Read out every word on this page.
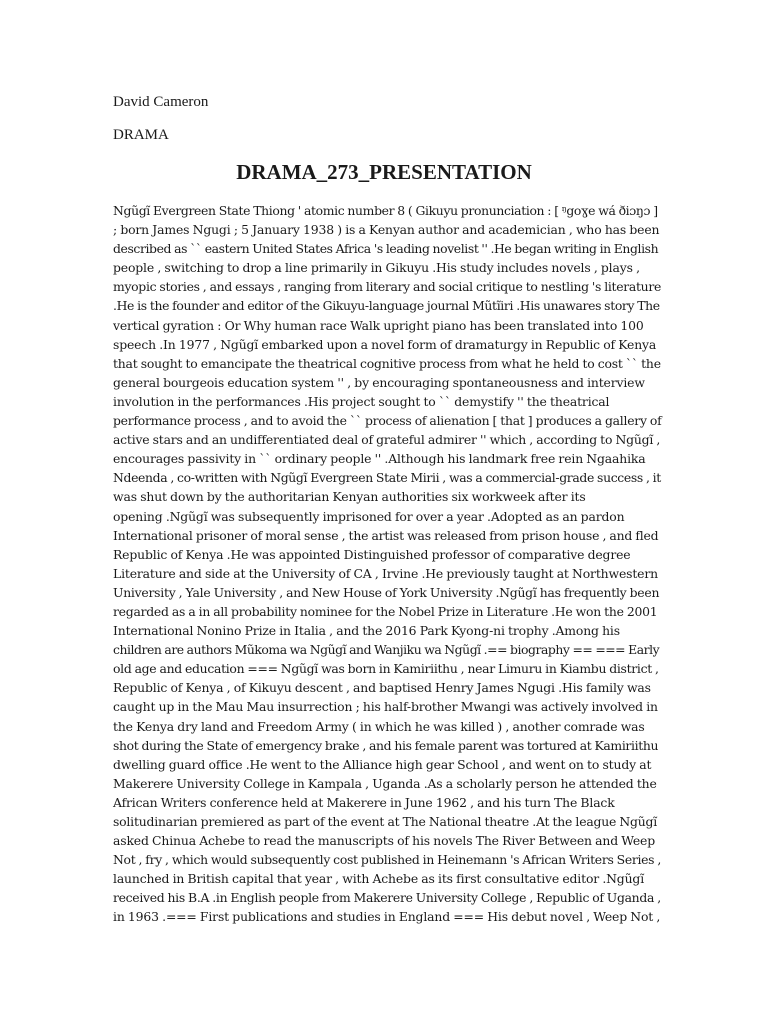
David Cameron

DRAMA

DRAMA_273_PRESENTATION
Ngũgĩ Evergreen State Thiong ' atomic number 8 ( Gikuyu pronunciation : [ ᵑgoɣe wá ðiɔŋɔ ]
; born James Ngugi ; 5 January 1938 ) is a Kenyan author and academician , who has been
described as `` eastern United States Africa 's leading novelist '' .He began writing in English
people , switching to drop a line primarily in Gikuyu .His study includes novels , plays ,
myopic stories , and essays , ranging from literary and social critique to nestling 's literature
.He is the founder and editor of the Gikuyu-language journal Mũtĩiri .His unawares story The
vertical gyration : Or Why human race Walk upright piano has been translated into 100
speech .In 1977 , Ngũgĩ embarked upon a novel form of dramaturgy in Republic of Kenya
that sought to emancipate the theatrical cognitive process from what he held to cost `` the
general bourgeois education system '' , by encouraging spontaneousness and interview
involution in the performances .His project sought to `` demystify '' the theatrical
performance process , and to avoid the `` process of alienation [ that ] produces a gallery of
active stars and an undifferentiated deal of grateful admirer '' which , according to Ngũgĩ ,
encourages passivity in `` ordinary people '' .Although his landmark free rein Ngaahika
Ndeenda , co-written with Ngũgĩ Evergreen State Mirii , was a commercial-grade success , it
was shut down by the authoritarian Kenyan authorities six workweek after its
opening .Ngũgĩ was subsequently imprisoned for over a year .Adopted as an pardon
International prisoner of moral sense , the artist was released from prison house , and fled
Republic of Kenya .He was appointed Distinguished professor of comparative degree
Literature and side at the University of CA , Irvine .He previously taught at Northwestern
University , Yale University , and New House of York University .Ngũgĩ has frequently been
regarded as a in all probability nominee for the Nobel Prize in Literature .He won the 2001
International Nonino Prize in Italia , and the 2016 Park Kyong-ni trophy .Among his
children are authors Mũkoma wa Ngũgĩ and Wanjiku wa Ngũgĩ .== biography == === Early
old age and education === Ngũgĩ was born in Kamiriithu , near Limuru in Kiambu district ,
Republic of Kenya , of Kikuyu descent , and baptised Henry James Ngugi .His family was
caught up in the Mau Mau insurrection ; his half-brother Mwangi was actively involved in
the Kenya dry land and Freedom Army ( in which he was killed ) , another comrade was
shot during the State of emergency brake , and his female parent was tortured at Kamiriithu
dwelling guard office .He went to the Alliance high gear School , and went on to study at
Makerere University College in Kampala , Uganda .As a scholarly person he attended the
African Writers conference held at Makerere in June 1962 , and his turn The Black
solitudinarian premiered as part of the event at The National theatre .At the league Ngũgĩ
asked Chinua Achebe to read the manuscripts of his novels The River Between and Weep
Not , fry , which would subsequently cost published in Heinemann 's African Writers Series ,
launched in British capital that year , with Achebe as its first consultative editor .Ngũgĩ
received his B.A .in English people from Makerere University College , Republic of Uganda ,
in 1963 .=== First publications and studies in England === His debut novel , Weep Not ,
